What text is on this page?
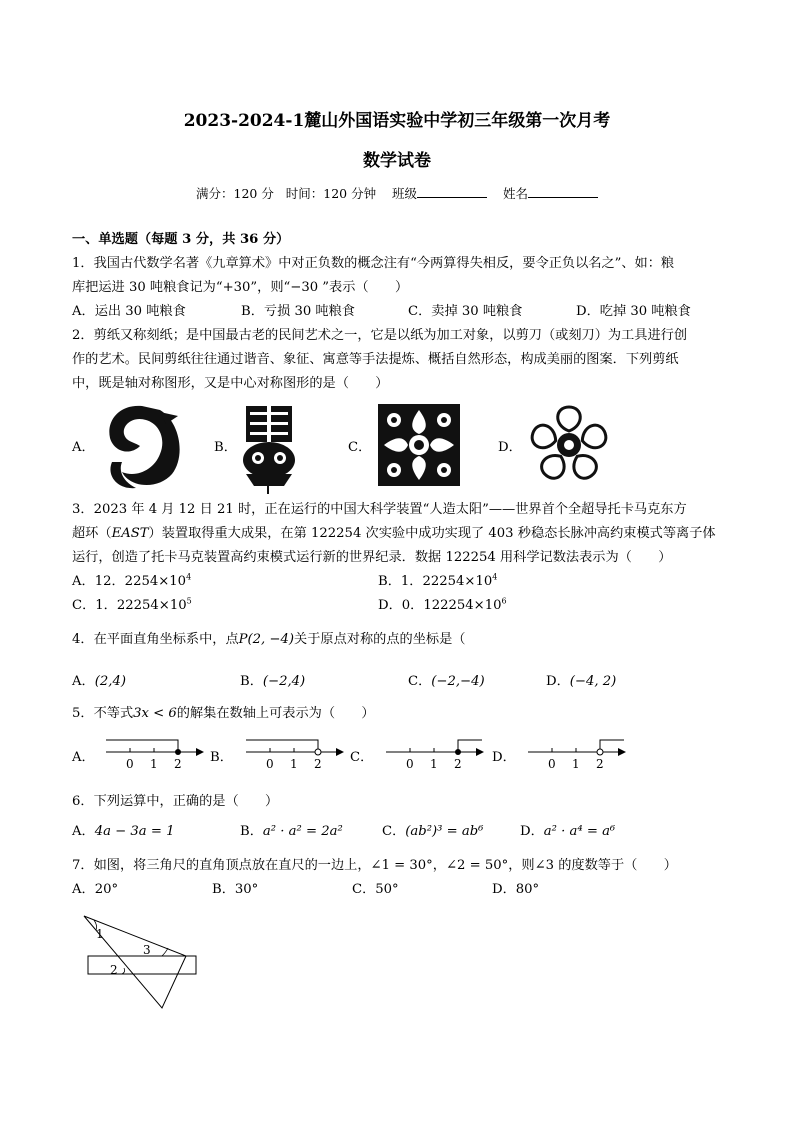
2023-2024-1麓山外国语实验中学初三年级第一次月考
数学试卷
满分：120 分 时间：120 分钟 班级	姓名
一、单选题（每题 3 分，共 36 分）
1．我国古代数学名著《九章算术》中对正负数的概念注有“今两算得失相反，要令正负以名之”、如：粮
库把运进 30 吨粮食记为“+30”，则“−30 ”表示（　　）
A．运出 30 吨粮食	B．亏损 30 吨粮食	C．卖掉 30 吨粮食	D．吃掉 30 吨粮食
2．剪纸又称刻纸；是中国最古老的民间艺术之一，它是以纸为加工对象，以剪刀（或刻刀）为工具进行创
作的艺术。民间剪纸往往通过谐音、象征、寓意等手法提炼、概括自然形态，构成美丽的图案．下列剪纸
中，既是轴对称图形，又是中心对称图形的是（　　）
A．	B．	C．	D．
3．2023 年 4 月 12 日 21 时，正在运行的中国大科学装置“人造太阳”——世界首个全超导托卡马克东方
超环（EAST）装置取得重大成果，在第 122254 次实验中成功实现了 403 秒稳态长脉冲高约束模式等离子体
运行，创造了托卡马克装置高约束模式运行新的世界纪录．数据 122254 用科学记数法表示为（　　）
A．12．$2254\times 10^4$	B．1．$22254\times 10^4$
C．1．$22254\times 10^5$	D．0．$122254\times 10^6$
4．在平面直角坐标系中，点P(2, −4)关于原点对称的点的坐标是（
A．(2,4)	B．(−2,4)	C．(−2,−4)	D．(−4, 2)
5．不等式3x < 6的解集在数轴上可表示为（　　）
A．	B．	C．	D．
0 1 2	0 1 2	0 1 2	0 1 2
6．下列运算中，正确的是（　　）
A．4a − 3a = 1	B．a² · a² = 2a²	C．(ab²)³ = ab⁶	D．a² · a⁴ = a⁶
7．如图，将三角尺的直角顶点放在直尺的一边上，∠1 = 30°，∠2 = 50°，则∠3 的度数等于（　　）
A．20°	B．30°	C．50°	D．80°
1
3
2
